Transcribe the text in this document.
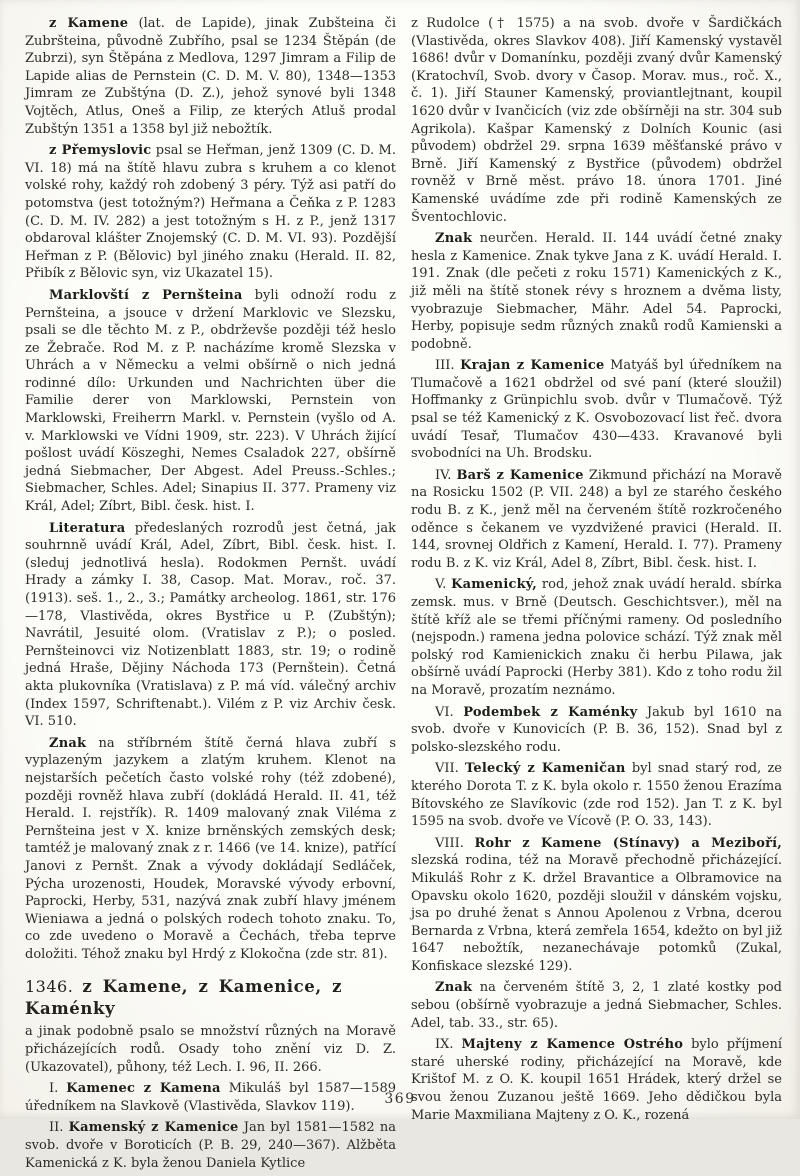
z Kamene (lat. de Lapide), jinak Zubšteina či Zubršteina, původně Zubřího, psal se 1234 Štěpán (de Zubrzi), syn Štěpána z Medlova, 1297 Jimram a Filip de Lapide alias de Pernstein (C. D. M. V. 80), 1348—1353 Jimram ze Zubštýna (D. Z.), jehož synové byli 1348 Vojtěch, Atlus, Oneš a Filip, ze kterých Atluš prodal Zubštýn 1351 a 1358 byl již nebožtík.

z Přemyslovic psal se Heřman, jenž 1309 (C. D. M. VI. 18) má na štítě hlavu zubra s kruhem a co klenot volské rohy, každý roh zdobený 3 péry. Týž asi patří do potomstva (jest totožným?) Heřmana a Čeňka z P. 1283 (C. D. M. IV. 282) a jest totožným s H. z P., jenž 1317 obdaroval klášter Znojemský (C. D. M. VI. 93). Pozdější Heřman z P. (Bělovic) byl jiného znaku (Herald. II. 82, Přibík z Bělovic syn, viz Ukazatel 15).

Marklovští z Pernšteina byli odnoží rodu z Pernšteina, a jsouce v držení Marklovic ve Slezsku, psali se dle těchto M. z P., obdrževše později též heslo ze Žebrače. Rod M. z P. nacházíme kromě Slezska v Uhrách a v Německu a velmi obšírně o nich jedná rodinné dílo: Urkunden und Nachrichten über die Familie derer von Marklowski, Pernstein von Marklowski, Freiherrn Markl. v. Pernstein (vyšlo od A. v. Marklowski ve Vídni 1909, str. 223). V Uhrách žijící pošlost uvádí Köszeghi, Nemes Csaladok 227, obšírně jedná Siebmacher, Der Abgest. Adel Preuss.-Schles.; Siebmacher, Schles. Adel; Sinapius II. 377. Prameny viz Král, Adel; Zíbrt, Bibl. česk. hist. I.

Literatura předeslaných rozrodů jest četná, jak souhrnně uvádí Král, Adel, Zíbrt, Bibl. česk. hist. I. (sleduj jednotlivá hesla). Rodokmen Pernšt. uvádí Hrady a zámky I. 38, Casop. Mat. Morav., roč. 37. (1913). seš. 1., 2., 3.; Památky archeolog. 1861, str. 176—178, Vlastivěda, okres Bystřice u P. (Zubštýn); Navrátil, Jesuité olom. (Vratislav z P.); o posled. Pernšteinovci viz Notizenblatt 1883, str. 19; o rodině jedná Hraše, Dějiny Náchoda 173 (Pernštein). Četná akta plukovníka (Vratislava) z P. má víd. válečný archiv (Index 1597, Schriftenabt.). Vilém z P. viz Archiv česk. VI. 510.

Znak na stříbrném štítě černá hlava zubří s vyplazeným jazykem a zlatým kruhem. Klenot na nejstarších pečetích často volské rohy (též zdobené), později rovněž hlava zubří (dokládá Herald. II. 41, též Herald. I. rejstřík). R. 1409 malovaný znak Viléma z Pernšteina jest v X. knize brněnských zemských desk; tamtéž je malovaný znak z r. 1466 (ve 14. knize), patřící Janovi z Pernšt. Znak a vývody dokládají Sedláček, Pýcha urozenosti, Houdek, Moravské vývody erbovní, Paprocki, Herby, 531, nazývá znak zubří hlavy jménem Wieniawa a jedná o polských rodech tohoto znaku. To, co zde uvedeno o Moravě a Čechách, třeba teprve doložiti. Téhož znaku byl Hrdý z Klokočna (zde str. 81).

1346. z Kamene, z Kamenice, z Kaménky

a jinak podobně psalo se množství různých na Moravě přicházejících rodů. Osady toho znění viz D. Z. (Ukazovatel), půhony, též Lech. I. 96, II. 266.

I. Kamenec z Kamena Mikuláš byl 1587—1589 úředníkem na Slavkově (Vlastivěda, Slavkov 119).

II. Kamenský z Kamenice Jan byl 1581—1582 na svob. dvoře v Boroticích (P. B. 29, 240—367). Alžběta Kamenická z K. byla ženou Daniela Kytlice

z Rudolce († 1575) a na svob. dvoře v Šardičkách (Vlastivěda, okres Slavkov 408). Jiří Kamenský vystavěl 1686! dvůr v Domanínku, později zvaný dvůr Kamenský (Kratochvíl, Svob. dvory v Časop. Morav. mus., roč. X., č. 1). Jiří Stauner Kamenský, proviantlejtnant, koupil 1620 dvůr v Ivančicích (viz zde obšírněji na str. 304 sub Agrikola). Kašpar Kamenský z Dolních Kounic (asi původem) obdržel 29. srpna 1639 měšťanské právo v Brně. Jiří Kamenský z Bystřice (původem) obdržel rovněž v Brně měst. právo 18. února 1701. Jiné Kamenské uvádíme zde při rodině Kamenských ze Šventochlovic.

Znak neurčen. Herald. II. 144 uvádí četné znaky hesla z Kamenice. Znak tykve Jana z K. uvádí Herald. I. 191. Znak (dle pečeti z roku 1571) Kamenických z K., již měli na štítě stonek révy s hroznem a dvěma listy, vyobrazuje Siebmacher, Mähr. Adel 54. Paprocki, Herby, popisuje sedm různých znaků rodů Kamienski a podobně.

III. Krajan z Kamenice Matyáš byl úředníkem na Tlumačově a 1621 obdržel od své paní (které sloužil) Hoffmanky z Grünpichlu svob. dvůr v Tlumačově. Týž psal se též Kamenický z K. Osvobozovací list řeč. dvora uvádí Tesař, Tlumačov 430—433. Kravanové byli svobodníci na Uh. Brodsku.

IV. Barš z Kamenice Zikmund přichází na Moravě na Rosicku 1502 (P. VII. 248) a byl ze starého českého rodu B. z K., jenž měl na červeném štítě rozkročeného oděnce s čekanem ve vyzdvižené pravici (Herald. II. 144, srovnej Oldřich z Kamení, Herald. I. 77). Prameny rodu B. z K. viz Král, Adel 8, Zíbrt, Bibl. česk. hist. I.

V. Kamenický, rod, jehož znak uvádí herald. sbírka zemsk. mus. v Brně (Deutsch. Geschichtsver.), měl na štítě kříž ale se třemi příčnými rameny. Od posledního (nejspodn.) ramena jedna polovice schází. Týž znak měl polský rod Kamienickich znaku či herbu Pilawa, jak obšírně uvádí Paprocki (Herby 381). Kdo z toho rodu žil na Moravě, prozatím neznámo.

VI. Podembek z Kaménky Jakub byl 1610 na svob. dvoře v Kunovicích (P. B. 36, 152). Snad byl z polsko-slezského rodu.

VII. Telecký z Kameničan byl snad starý rod, ze kterého Dorota T. z K. byla okolo r. 1550 ženou Erazíma Bítovského ze Slavíkovic (zde rod 152). Jan T. z K. byl 1595 na svob. dvoře ve Vícově (P. O. 33, 143).

VIII. Rohr z Kamene (Stínavy) a Meziboří, slezská rodina, též na Moravě přechodně přicházející. Mikuláš Rohr z K. držel Bravantice a Olbramovice na Opavsku okolo 1620, později sloužil v dánském vojsku, jsa po druhé ženat s Annou Apolenou z Vrbna, dcerou Bernarda z Vrbna, která zemřela 1654, kdežto on byl již 1647 nebožtík, nezanechávaje potomků (Zukal, Konfiskace slezské 129).

Znak na červeném štítě 3, 2, 1 zlaté kostky pod sebou (obšírně vyobrazuje a jedná Siebmacher, Schles. Adel, tab. 33., str. 65).

IX. Majteny z Kamence Ostrého bylo příjmení staré uherské rodiny, přicházející na Moravě, kde Krištof M. z O. K. koupil 1651 Hrádek, který držel se svou ženou Zuzanou ještě 1669. Jeho dědičkou byla Marie Maxmiliana Majteny z O. K., rozená

369
